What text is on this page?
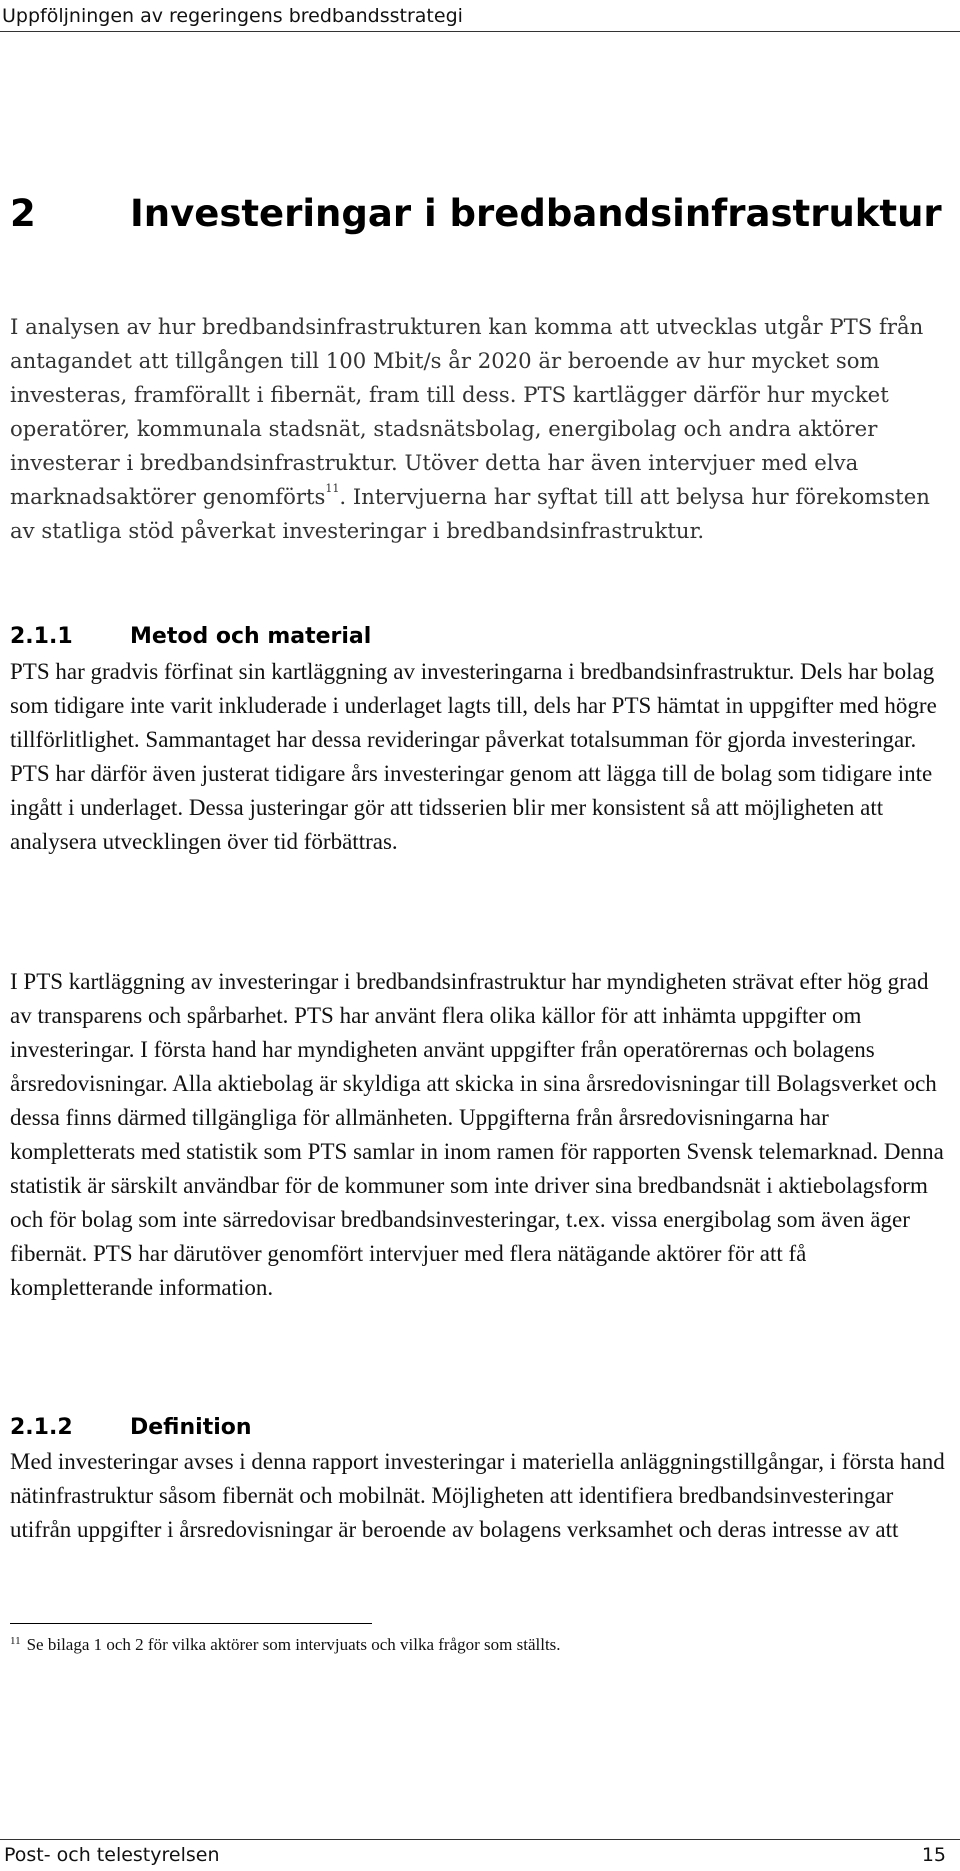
Uppföljningen av regeringens bredbandsstrategi
2	Investeringar i bredbandsinfrastruktur

I analysen av hur bredbandsinfrastrukturen kan komma att utvecklas utgår PTS från antagandet att tillgången till 100 Mbit/s år 2020 är beroende av hur mycket som investeras, framförallt i fibernät, fram till dess. PTS kartlägger därför hur mycket operatörer, kommunala stadsnät, stadsnätsbolag, energibolag och andra aktörer investerar i bredbandsinfrastruktur. Utöver detta har även intervjuer med elva marknadsaktörer genomförts$^{11}$. Intervjuerna har syftat till att belysa hur förekomsten av statliga stöd påverkat investeringar i bredbandsinfrastruktur.

2.1.1	Metod och material

PTS har gradvis förfinat sin kartläggning av investeringarna i bredbandsinfrastruktur. Dels har bolag som tidigare inte varit inkluderade i underlaget lagts till, dels har PTS hämtat in uppgifter med högre tillförlitlighet. Sammantaget har dessa revideringar påverkat totalsumman för gjorda investeringar. PTS har därför även justerat tidigare års investeringar genom att lägga till de bolag som tidigare inte ingått i underlaget. Dessa justeringar gör att tidsserien blir mer konsistent så att möjligheten att analysera utvecklingen över tid förbättras.

I PTS kartläggning av investeringar i bredbandsinfrastruktur har myndigheten strävat efter hög grad av transparens och spårbarhet. PTS har använt flera olika källor för att inhämta uppgifter om investeringar. I första hand har myndigheten använt uppgifter från operatörernas och bolagens årsredovisningar. Alla aktiebolag är skyldiga att skicka in sina årsredovisningar till Bolagsverket och dessa finns därmed tillgängliga för allmänheten. Uppgifterna från årsredovisningarna har kompletterats med statistik som PTS samlar in inom ramen för rapporten Svensk telemarknad. Denna statistik är särskilt användbar för de kommuner som inte driver sina bredbandsnät i aktiebolagsform och för bolag som inte särredovisar bredbandsinvesteringar, t.ex. vissa energibolag som även äger fibernät. PTS har därutöver genomfört intervjuer med flera nätägande aktörer för att få kompletterande information.

2.1.2	Definition

Med investeringar avses i denna rapport investeringar i materiella anläggningstillgångar, i första hand nätinfrastruktur såsom fibernät och mobilnät. Möjligheten att identifiera bredbandsinvesteringar utifrån uppgifter i årsredovisningar är beroende av bolagens verksamhet och deras intresse av att

$^{11}$ Se bilaga 1 och 2 för vilka aktörer som intervjuats och vilka frågor som ställts.

Post- och telestyrelsen	15
